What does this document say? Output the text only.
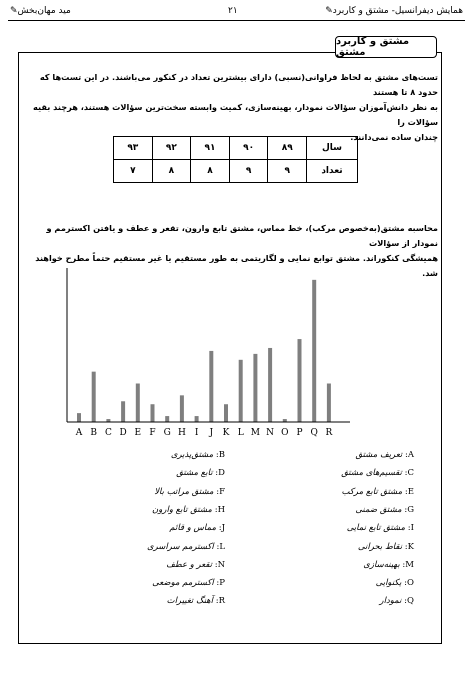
✎مید مهان‌بخش	۲۱	✎همایش دیفرانسیل- مشتق و کاربرد
مشتق و کاربرد مشتق
تست‌های مشتق به لحاظ فراوانی(نسبی) دارای بیشترین تعداد در کنکور می‌باشند. در این تست‌ها که حدود ۸ تا هستند
به نظر دانش‌آموزان سؤالات نمودار، بهینه‌سازی، کمیت وابسته سخت‌ترین سؤالات هستند، هرچند بقیه سؤالات را
چندان ساده نمی‌دانند.
سال	۸۹	۹۰	۹۱	۹۲	۹۳
تعداد	۹	۹	۸	۸	۷
محاسبه مشتق(به‌خصوص مرکب)، خط مماس، مشتق تابع وارون، تقعر و عطف و یافتن اکسترمم و نمودار از سؤالات
همیشگی کنکوراند. مشتق توابع نمایی و لگاریتمی به طور مستقیم یا غیر مستقیم حتماً مطرح خواهند شد.
A B C D E F G H I J K L M N O P Q R
A: تعریف مشتق
B: مشتق‌پذیری
C: تقسیم‌های مشتق
D: تابع مشتق
E: مشتق تابع مرکب
F: مشتق مراتب بالا
G: مشتق ضمنی
H: مشتق تابع وارون
I: مشتق تابع نمایی
J: مماس و قائم
K: نقاط بحرانی
L: اکسترمم سراسری
M: بهینه‌سازی
N: تقعر و عطف
O: یکنوایی
P: اکسترمم موضعی
Q: نمودار
R: آهنگ تغییرات
